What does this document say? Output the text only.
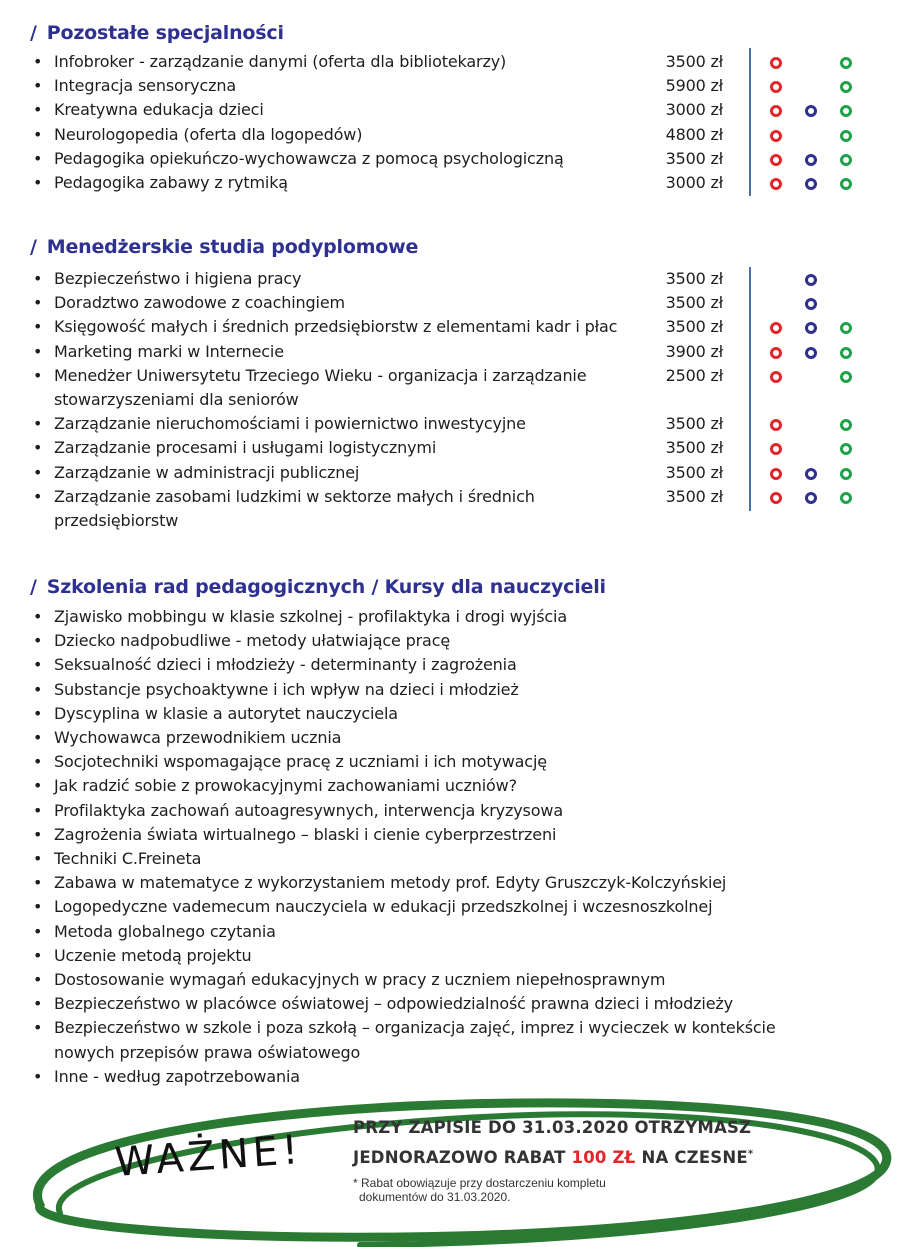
/ Pozostałe specjalności
• Infobroker - zarządzanie danymi (oferta dla bibliotekarzy)	3500 zł
• Integracja sensoryczna	5900 zł
• Kreatywna edukacja dzieci	3000 zł
• Neurologopedia (oferta dla logopedów)	4800 zł
• Pedagogika opiekuńczo-wychowawcza z pomocą psychologiczną	3500 zł
• Pedagogika zabawy z rytmiką	3000 zł
/ Menedżerskie studia podyplomowe
• Bezpieczeństwo i higiena pracy	3500 zł
• Doradztwo zawodowe z coachingiem	3500 zł
• Księgowość małych i średnich przedsiębiorstw z elementami kadr i płac	3500 zł
• Marketing marki w Internecie	3900 zł
• Menedżer Uniwersytetu Trzeciego Wieku - organizacja i zarządzanie stowarzyszeniami dla seniorów
2500 zł
• Zarządzanie nieruchomościami i powiernictwo inwestycyjne	3500 zł
• Zarządzanie procesami i usługami logistycznymi	3500 zł
• Zarządzanie w administracji publicznej	3500 zł
• Zarządzanie zasobami ludzkimi w sektorze małych i średnich przedsiębiorstw
3500 zł
/ Szkolenia rad pedagogicznych / Kursy dla nauczycieli
• Zjawisko mobbingu w klasie szkolnej - profilaktyka i drogi wyjścia
• Dziecko nadpobudliwe - metody ułatwiające pracę
• Seksualność dzieci i młodzieży - determinanty i zagrożenia
• Substancje psychoaktywne i ich wpływ na dzieci i młodzież
• Dyscyplina w klasie a autorytet nauczyciela
• Wychowawca przewodnikiem ucznia
• Socjotechniki wspomagające pracę z uczniami i ich motywację
• Jak radzić sobie z prowokacyjnymi zachowaniami uczniów?
• Profilaktyka zachowań autoagresywnych, interwencja kryzysowa
• Zagrożenia świata wirtualnego – blaski i cienie cyberprzestrzeni
• Techniki C.Freineta
• Zabawa w matematyce z wykorzystaniem metody prof. Edyty Gruszczyk-Kolczyńskiej
• Logopedyczne vademecum nauczyciela w edukacji przedszkolnej i wczesnoszkolnej
• Metoda globalnego czytania
• Uczenie metodą projektu
• Dostosowanie wymagań edukacyjnych w pracy z uczniem niepełnosprawnym
• Bezpieczeństwo w placówce oświatowej – odpowiedzialność prawna dzieci i młodzieży
• Bezpieczeństwo w szkole i poza szkołą – organizacja zajęć, imprez i wycieczek w kontekście nowych przepisów prawa oświatowego
• Inne - według zapotrzebowania

WAŻNE!	PRZY ZAPISIE DO 31.03.2020 OTRZYMASZ

JEDNORAZOWO RABAT 100 ZŁ NA CZESNE*

* Rabat obowiązuje przy dostarczeniu kompletu
dokumentów do 31.03.2020.
